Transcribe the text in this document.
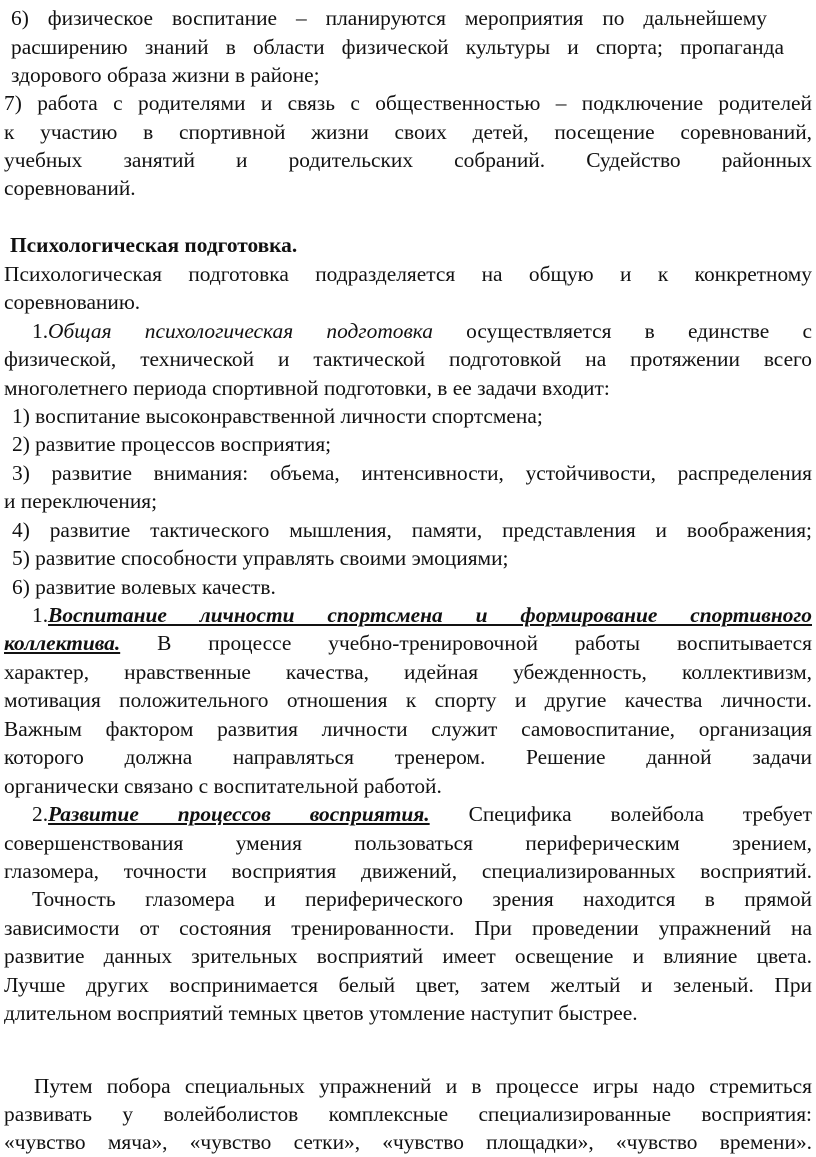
6) физическое воспитание – планируются мероприятия по дальнейшему
расширению знаний в области физической культуры и спорта; пропаганда
здорового образа жизни в районе;
7) работа с родителями и связь с общественностью – подключение родителей
к участию в спортивной жизни своих детей, посещение соревнований,
учебных занятий и родительских собраний. Судейство районных
соревнований.
Психологическая подготовка.
Психологическая подготовка подразделяется на общую и к конкретному
соревнованию.
1.Общая психологическая подготовка осуществляется в единстве с
физической, технической и тактической подготовкой на протяжении всего
многолетнего периода спортивной подготовки, в ее задачи входит:
1) воспитание высоконравственной личности спортсмена;
2) развитие процессов восприятия;
3) развитие внимания: объема, интенсивности, устойчивости, распределения
и переключения;
4) развитие тактического мышления, памяти, представления и воображения;
5) развитие способности управлять своими эмоциями;
6) развитие волевых качеств.
1.Воспитание личности спортсмена и формирование спортивного
коллектива. В процессе учебно-тренировочной работы воспитывается
характер, нравственные качества, идейная убежденность, коллективизм,
мотивация положительного отношения к спорту и другие качества личности.
Важным фактором развития личности служит самовоспитание, организация
которого должна направляться тренером. Решение данной задачи
органически связано с воспитательной работой.
2.Развитие процессов восприятия. Специфика волейбола требует
совершенствования умения пользоваться периферическим зрением,
глазомера, точности восприятия движений, специализированных восприятий.
Точность глазомера и периферического зрения находится в прямой
зависимости от состояния тренированности. При проведении упражнений на
развитие данных зрительных восприятий имеет освещение и влияние цвета.
Лучше других воспринимается белый цвет, затем желтый и зеленый. При
длительном восприятий темных цветов утомление наступит быстрее.
Путем побора специальных упражнений и в процессе игры надо стремиться
развивать у волейболистов комплексные специализированные восприятия:
«чувство мяча», «чувство сетки», «чувство площадки», «чувство времени».
